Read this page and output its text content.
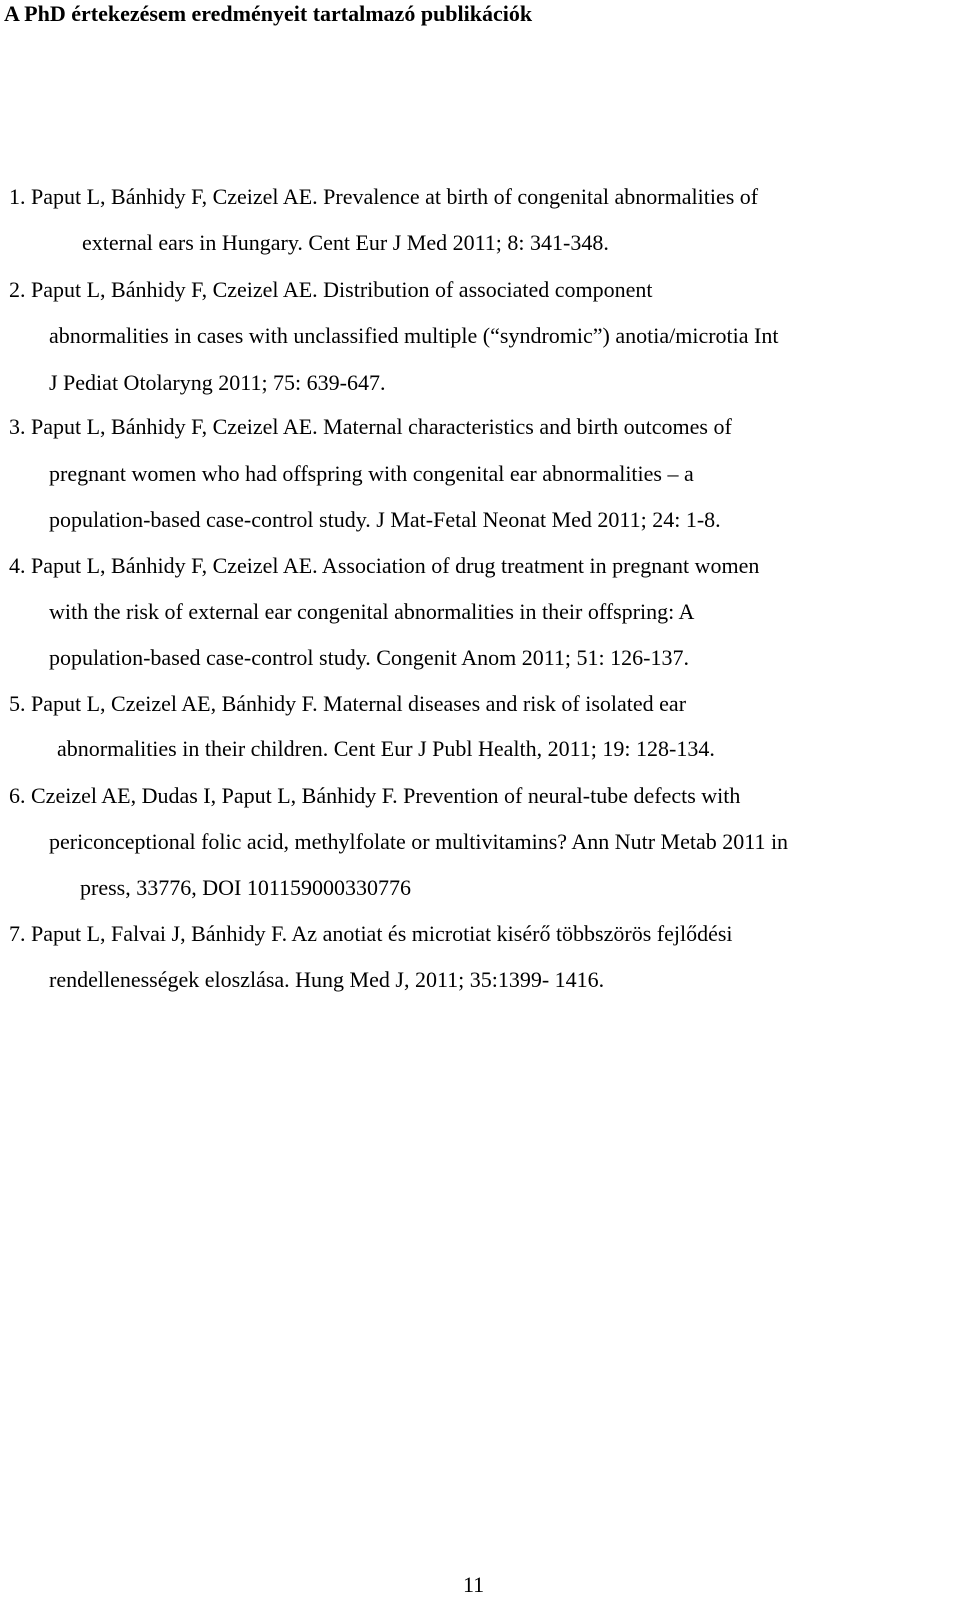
A PhD értekezésem eredményeit tartalmazó publikációk

1. Paput L, Bánhidy F, Czeizel AE. Prevalence at birth of congenital abnormalities of

external ears in Hungary. Cent Eur J Med 2011; 8: 341-348.

2. Paput L, Bánhidy F, Czeizel AE. Distribution of associated component

abnormalities in cases with unclassified multiple (“syndromic”) anotia/microtia Int

J Pediat Otolaryng 2011; 75: 639-647.

3. Paput L, Bánhidy F, Czeizel AE. Maternal characteristics and birth outcomes of

pregnant women who had offspring with congenital ear abnormalities – a

population-based case-control study. J Mat-Fetal Neonat Med 2011; 24: 1-8.

4. Paput L, Bánhidy F, Czeizel AE. Association of drug treatment in pregnant women

with the risk of external ear congenital abnormalities in their offspring: A

population-based case-control study. Congenit Anom 2011; 51: 126-137.

5. Paput L, Czeizel AE, Bánhidy F. Maternal diseases and risk of isolated ear

abnormalities in their children. Cent Eur J Publ Health, 2011; 19: 128-134.

6. Czeizel AE, Dudas I, Paput L, Bánhidy F. Prevention of neural-tube defects with

periconceptional folic acid, methylfolate or multivitamins? Ann Nutr Metab 2011 in

press, 33776, DOI 101159000330776

7. Paput L, Falvai J, Bánhidy F. Az anotiat és microtiat kisérő többszörös fejlődési

rendellenességek eloszlása. Hung Med J, 2011; 35:1399- 1416.

11
